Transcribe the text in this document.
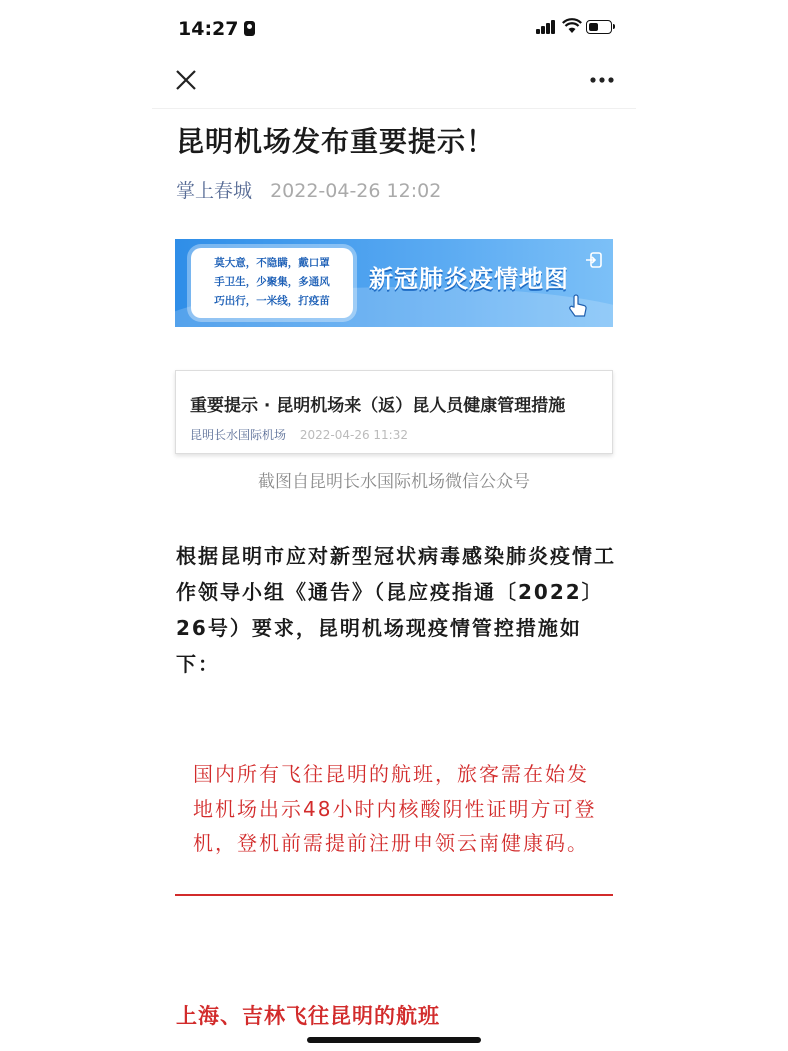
14:27
昆明机场发布重要提示！
掌上春城 2022-04-26 12:02
莫大意，不隐瞒，戴口罩
手卫生，少聚集，多通风
巧出行，一米线，打疫苗
新冠肺炎疫情地图
重要提示 · 昆明机场来（返）昆人员健康管理措施
昆明长水国际机场 2022-04-26 11:32
截图自昆明长水国际机场微信公众号
根据昆明市应对新型冠状病毒感染肺炎疫情工作领导小组《通告》（昆应疫指通〔2022〕26号）要求，昆明机场现疫情管控措施如下：
国内所有飞往昆明的航班，旅客需在始发地机场出示48小时内核酸阴性证明方可登机，登机前需提前注册申领云南健康码。
上海、吉林飞往昆明的航班
